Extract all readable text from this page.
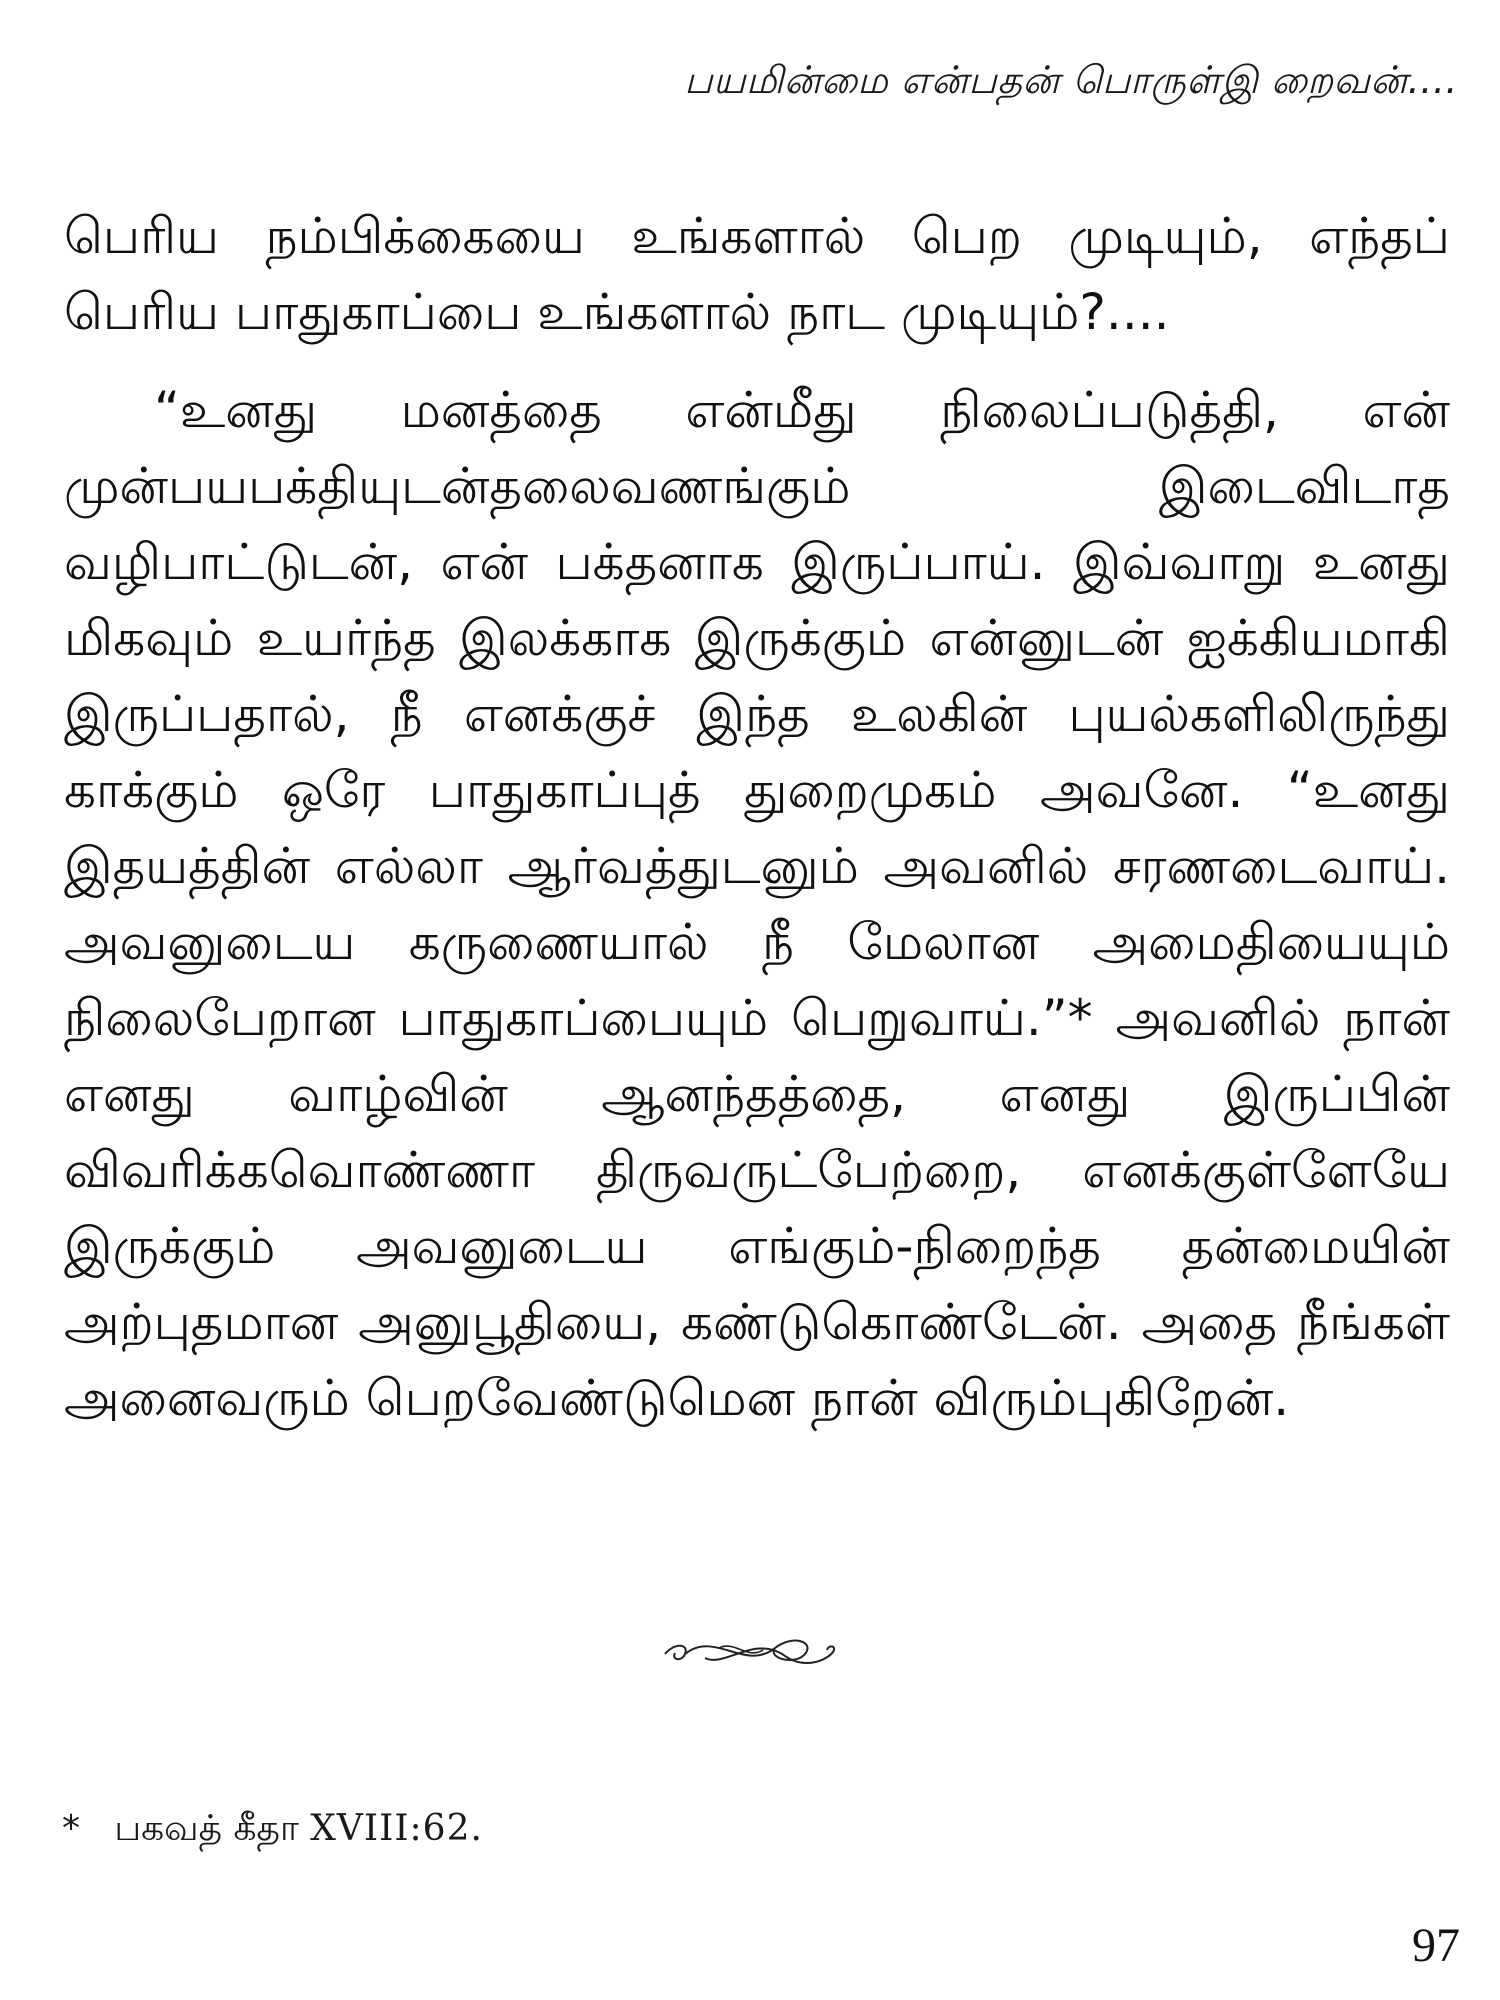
பயமின்மை என்பதன் பொருள்இ றைவன்....

பெரிய நம்பிக்கையை உங்களால் பெற முடியும், எந்தப் பெரிய பாதுகாப்பை உங்களால் நாட முடியும்?....

“உனது மனத்தை என்மீது நிலைப்படுத்தி, என் முன்பயபக்தியுடன்தலைவணங்கும் இடைவிடாத வழிபாட்டுடன், என் பக்தனாக இருப்பாய். இவ்வாறு உனது மிகவும் உயர்ந்த இலக்காக இருக்கும் என்னுடன் ஐக்கியமாகி இருப்பதால், நீ எனக்குச் இந்த உலகின் புயல்களிலிருந்து காக்கும் ஒரே பாதுகாப்புத் துறைமுகம் அவனே. “உனது இதயத்தின் எல்லா ஆர்வத்துடனும் அவனில் சரணடைவாய். அவனுடைய கருணையால் நீ மேலான அமைதியையும் நிலைபேறான பாதுகாப்பையும் பெறுவாய்.”* அவனில் நான் எனது வாழ்வின் ஆனந்தத்தை, எனது இருப்பின் விவரிக்கவொண்ணா திருவருட்பேற்றை, எனக்குள்ளேயே இருக்கும் அவனுடைய எங்கும்-நிறைந்த தன்மையின் அற்புதமான அனுபூதியை, கண்டுகொண்டேன். அதை நீங்கள் அனைவரும் பெறவேண்டுமென நான் விரும்புகிறேன்.

* பகவத் கீதா XVIII:62.
97
